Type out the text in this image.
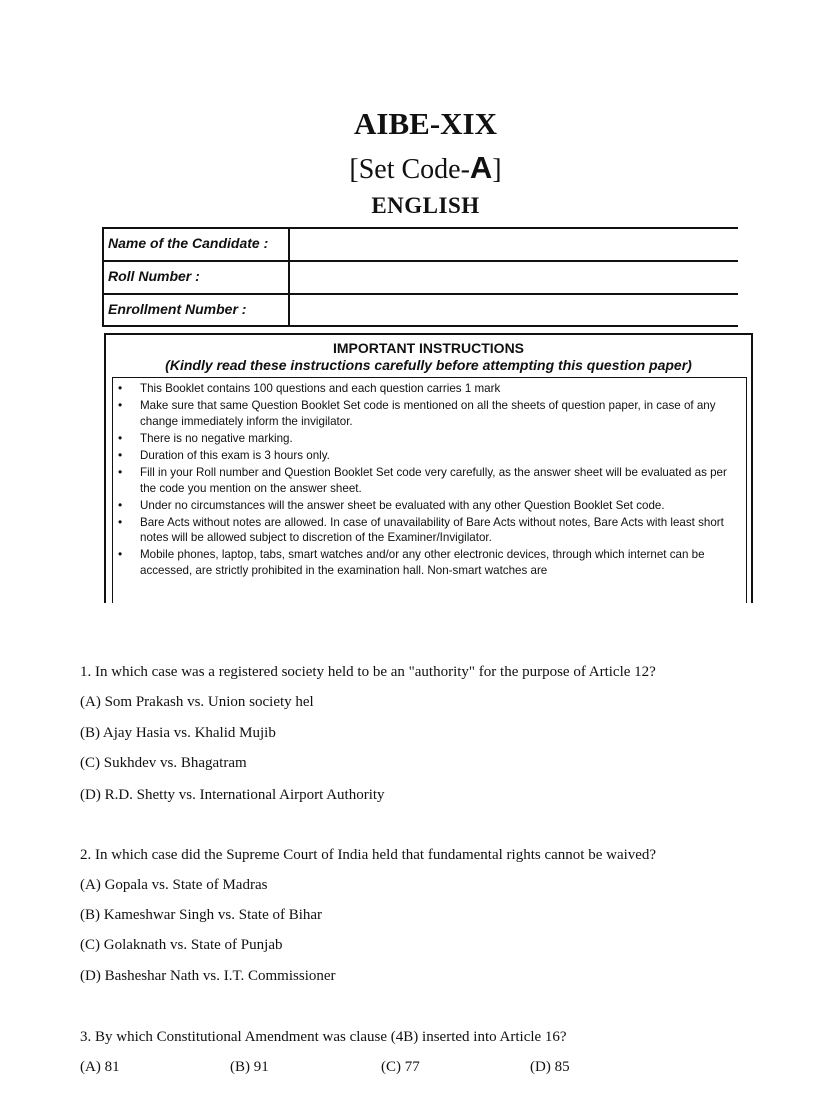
AIBE-XIX
[Set Code-A]
ENGLISH
Name of the Candidate :
Roll Number :
Enrollment Number :
IMPORTANT INSTRUCTIONS
(Kindly read these instructions carefully before attempting this question paper)
• This Booklet contains 100 questions and each question carries 1 mark
• Make sure that same Question Booklet Set code is mentioned on all the sheets of question paper, in case of any change immediately inform the invigilator.
• There is no negative marking.
• Duration of this exam is 3 hours only.
• Fill in your Roll number and Question Booklet Set code very carefully, as the answer sheet will be evaluated as per the code you mention on the answer sheet.
• Under no circumstances will the answer sheet be evaluated with any other Question Booklet Set code.
• Bare Acts without notes are allowed. In case of unavailability of Bare Acts without notes, Bare Acts with least short notes will be allowed subject to discretion of the Examiner/Invigilator.
• Mobile phones, laptop, tabs, smart watches and/or any other electronic devices, through which internet can be accessed, are strictly prohibited in the examination hall. Non-smart watches are

1. In which case was a registered society held to be an "authority" for the purpose of Article 12?

(A) Som Prakash vs. Union society hel

(B) Ajay Hasia vs. Khalid Mujib

(C) Sukhdev vs. Bhagatram

(D) R.D. Shetty vs. International Airport Authority

2. In which case did the Supreme Court of India held that fundamental rights cannot be waived?

(A) Gopala vs. State of Madras

(B) Kameshwar Singh vs. State of Bihar

(C) Golaknath vs. State of Punjab

(D) Basheshar Nath vs. I.T. Commissioner

3. By which Constitutional Amendment was clause (4B) inserted into Article 16?

(A) 81	(B) 91	(C) 77	(D) 85
